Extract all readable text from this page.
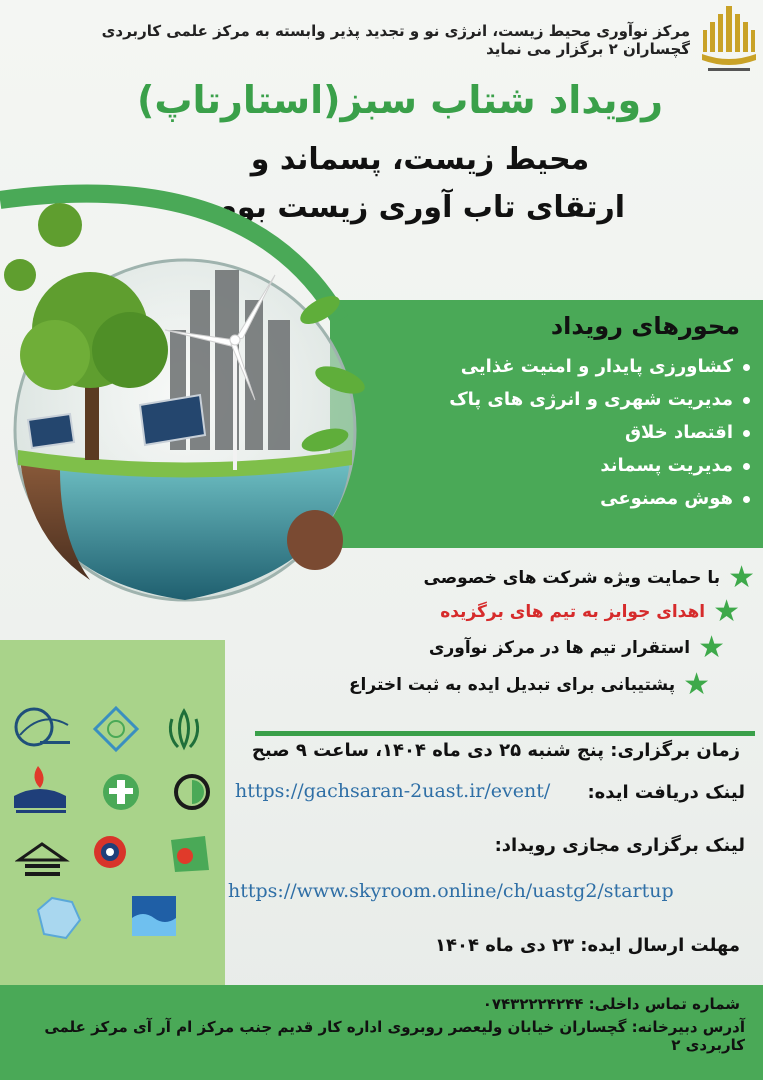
مرکز نوآوری محیط زیست، انرژی نو و تجدید پذیر وابسته به مرکز علمی کاربردی گچساران ۲ برگزار می نماید
رویداد شتاب سبز(استارتاپ)
محیط زیست، پسماند و
ارتقای تاب آوری زیست بوم
محورهای رویداد
کشاورزی پایدار و امنیت غذایی
مدیریت شهری و انرژی های پاک
اقتصاد خلاق
مدیریت پسماند
هوش مصنوعی
★با حمایت ویژه شرکت های خصوصی
★اهدای جوایز به تیم های برگزیده
★استقرار تیم ها در مرکز نوآوری
★پشتیبانی برای تبدیل ایده به ثبت اختراع
زمان برگزاری: پنج شنبه ۲۵ دی ماه ۱۴۰۴، ساعت ۹ صبح
لینک دریافت ایده:
https://gachsaran-2uast.ir/event/
لینک برگزاری مجازی رویداد:
https://www.skyroom.online/ch/uastg2/startup
مهلت ارسال ایده: ۲۳ دی ماه ۱۴۰۴
شماره تماس داخلی: ۰۷۴۳۲۲۲۴۲۴۴
آدرس دبیرخانه: گچساران خیابان ولیعصر روبروی اداره کار قدیم جنب مرکز ام آر آی مرکز علمی کاربردی ۲
